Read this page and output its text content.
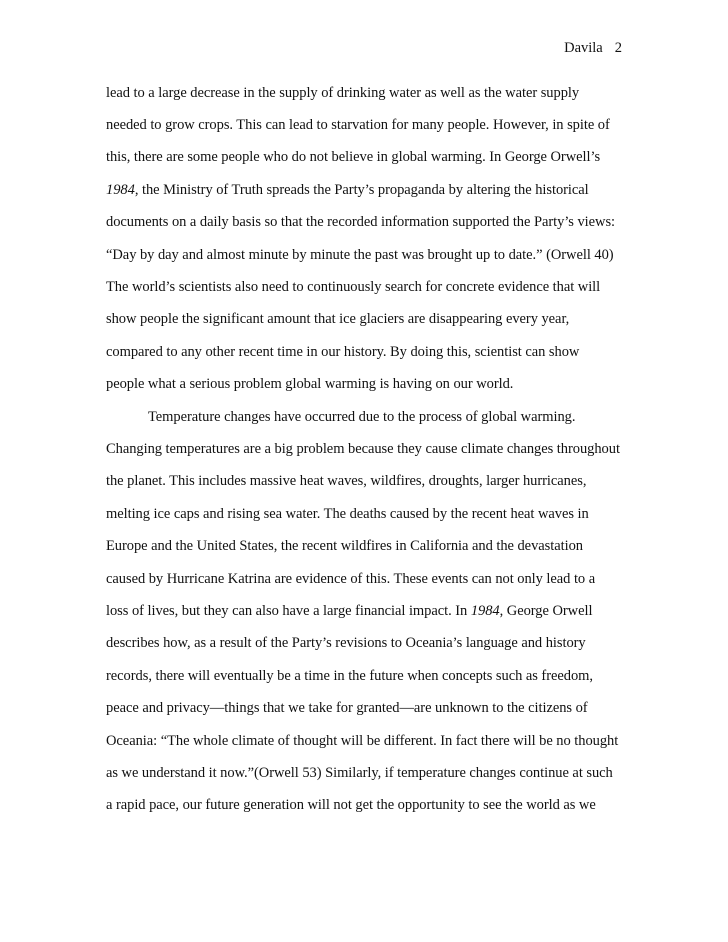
Davila 2
lead to a large decrease in the supply of drinking water as well as the water supply
needed to grow crops. This can lead to starvation for many people. However, in spite of
this, there are some people who do not believe in global warming. In George Orwell’s
1984, the Ministry of Truth spreads the Party’s propaganda by altering the historical
documents on a daily basis so that the recorded information supported the Party’s views:
“Day by day and almost minute by minute the past was brought up to date.” (Orwell 40)
The world’s scientists also need to continuously search for concrete evidence that will
show people the significant amount that ice glaciers are disappearing every year,
compared to any other recent time in our history. By doing this, scientist can show
people what a serious problem global warming is having on our world.
Temperature changes have occurred due to the process of global warming.
Changing temperatures are a big problem because they cause climate changes throughout
the planet. This includes massive heat waves, wildfires, droughts, larger hurricanes,
melting ice caps and rising sea water. The deaths caused by the recent heat waves in
Europe and the United States, the recent wildfires in California and the devastation
caused by Hurricane Katrina are evidence of this. These events can not only lead to a
loss of lives, but they can also have a large financial impact. In 1984, George Orwell
describes how, as a result of the Party’s revisions to Oceania’s language and history
records, there will eventually be a time in the future when concepts such as freedom,
peace and privacy—things that we take for granted—are unknown to the citizens of
Oceania: “The whole climate of thought will be different. In fact there will be no thought
as we understand it now.”(Orwell 53) Similarly, if temperature changes continue at such
a rapid pace, our future generation will not get the opportunity to see the world as we
